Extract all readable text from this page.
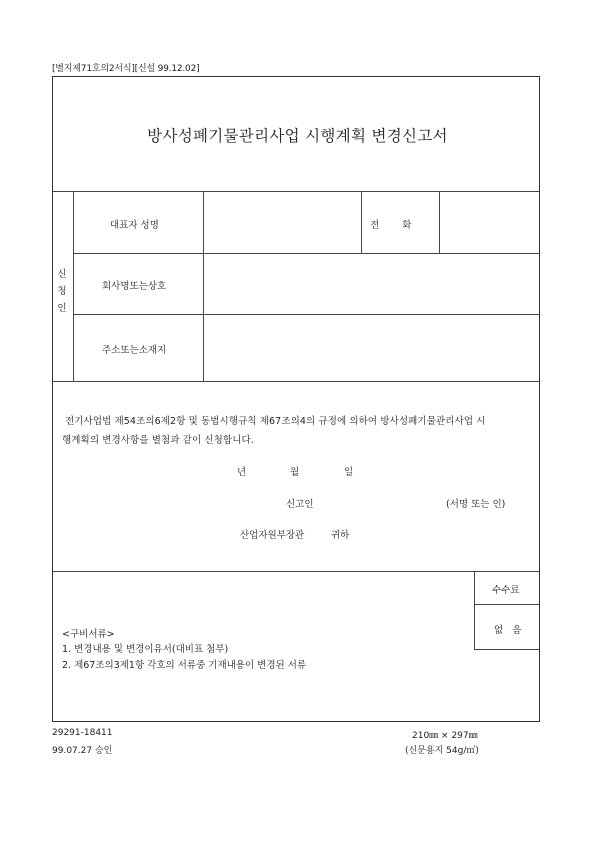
[별지제71호의2서식][신설 99.12.02]
방사성폐기물관리사업 시행계획 변경신고서
신
청
인
대표자 성명	전 화
회사명또는상호
주소또는소재지
전기사업법 제54조의6제2항 및 동법시행규칙 제67조의4의 규정에 의하여 방사성폐기물관리사업 시
행계획의 변경사항을 별첨과 같이 신청합니다.
년	월	일
신고인	(서명 또는 인)
산업자원부장관	귀하
<구비서류>
1. 변경내용 및 변경이유서(대비표 첨부)
2. 제67조의3제1항 각호의 서류중 기재내용이 변경된 서류
수수료
없 음
29291-18411
99.07.27 승인
210㎜ × 297㎜
(신문용지 54g/㎡)
